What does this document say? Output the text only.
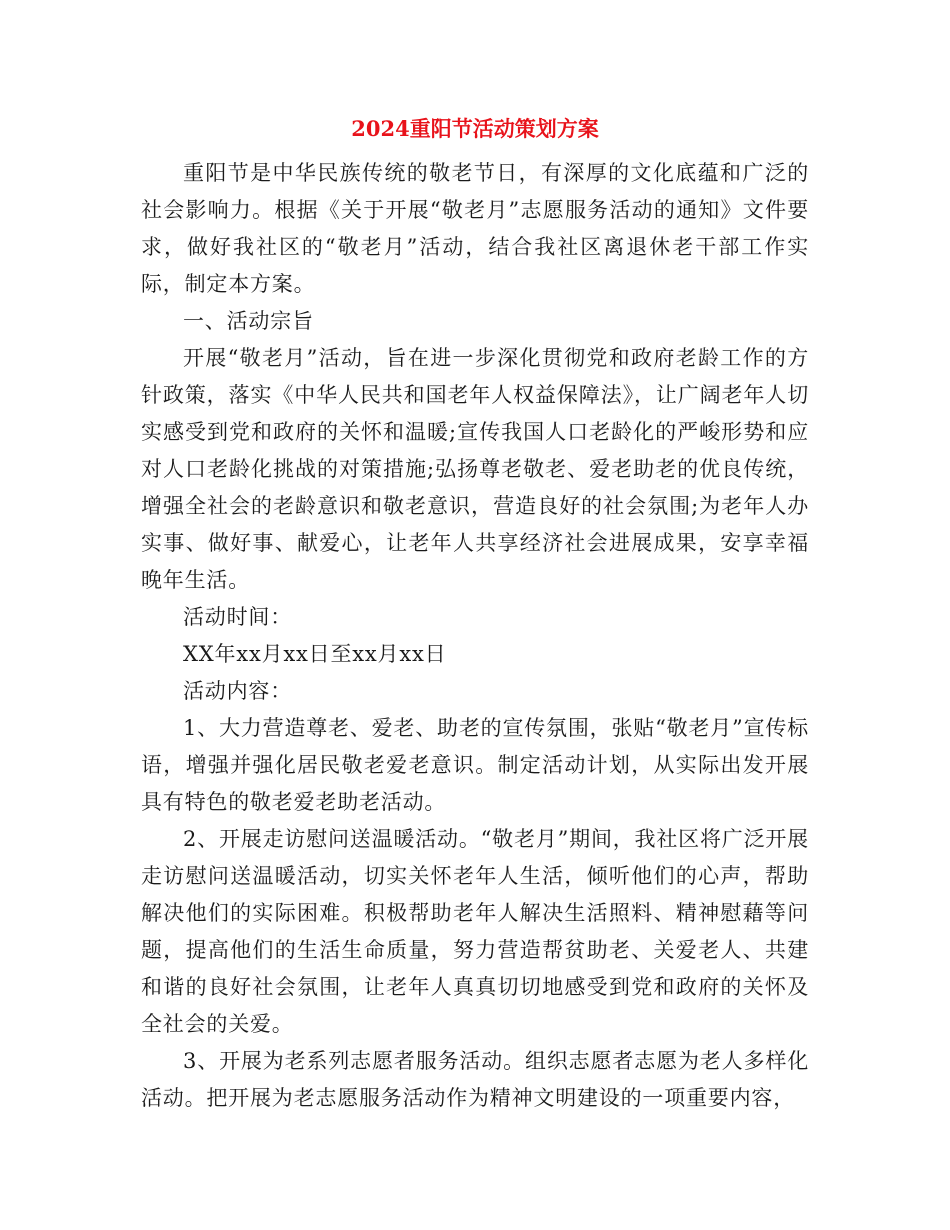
2024重阳节活动策划方案

重阳节是中华民族传统的敬老节日，有深厚的文化底蕴和广泛的社会影响力。根据《关于开展“敬老月”志愿服务活动的通知》文件要求，做好我社区的“敬老月”活动，结合我社区离退休老干部工作实际，制定本方案。

一、活动宗旨

开展“敬老月”活动，旨在进一步深化贯彻党和政府老龄工作的方针政策，落实《中华人民共和国老年人权益保障法》，让广阔老年人切实感受到党和政府的关怀和温暖;宣传我国人口老龄化的严峻形势和应对人口老龄化挑战的对策措施;弘扬尊老敬老、爱老助老的优良传统，增强全社会的老龄意识和敬老意识，营造良好的社会氛围;为老年人办实事、做好事、献爱心，让老年人共享经济社会进展成果，安享幸福晚年生活。

活动时间：

XX年xx月xx日至xx月xx日

活动内容：

1、大力营造尊老、爱老、助老的宣传氛围，张贴“敬老月”宣传标语，增强并强化居民敬老爱老意识。制定活动计划，从实际出发开展具有特色的敬老爱老助老活动。

2、开展走访慰问送温暖活动。“敬老月”期间，我社区将广泛开展走访慰问送温暖活动，切实关怀老年人生活，倾听他们的心声，帮助解决他们的实际困难。积极帮助老年人解决生活照料、精神慰藉等问题，提高他们的生活生命质量，努力营造帮贫助老、关爱老人、共建和谐的良好社会氛围，让老年人真真切切地感受到党和政府的关怀及全社会的关爱。

3、开展为老系列志愿者服务活动。组织志愿者志愿为老人多样化活动。把开展为老志愿服务活动作为精神文明建设的一项重要内容，
